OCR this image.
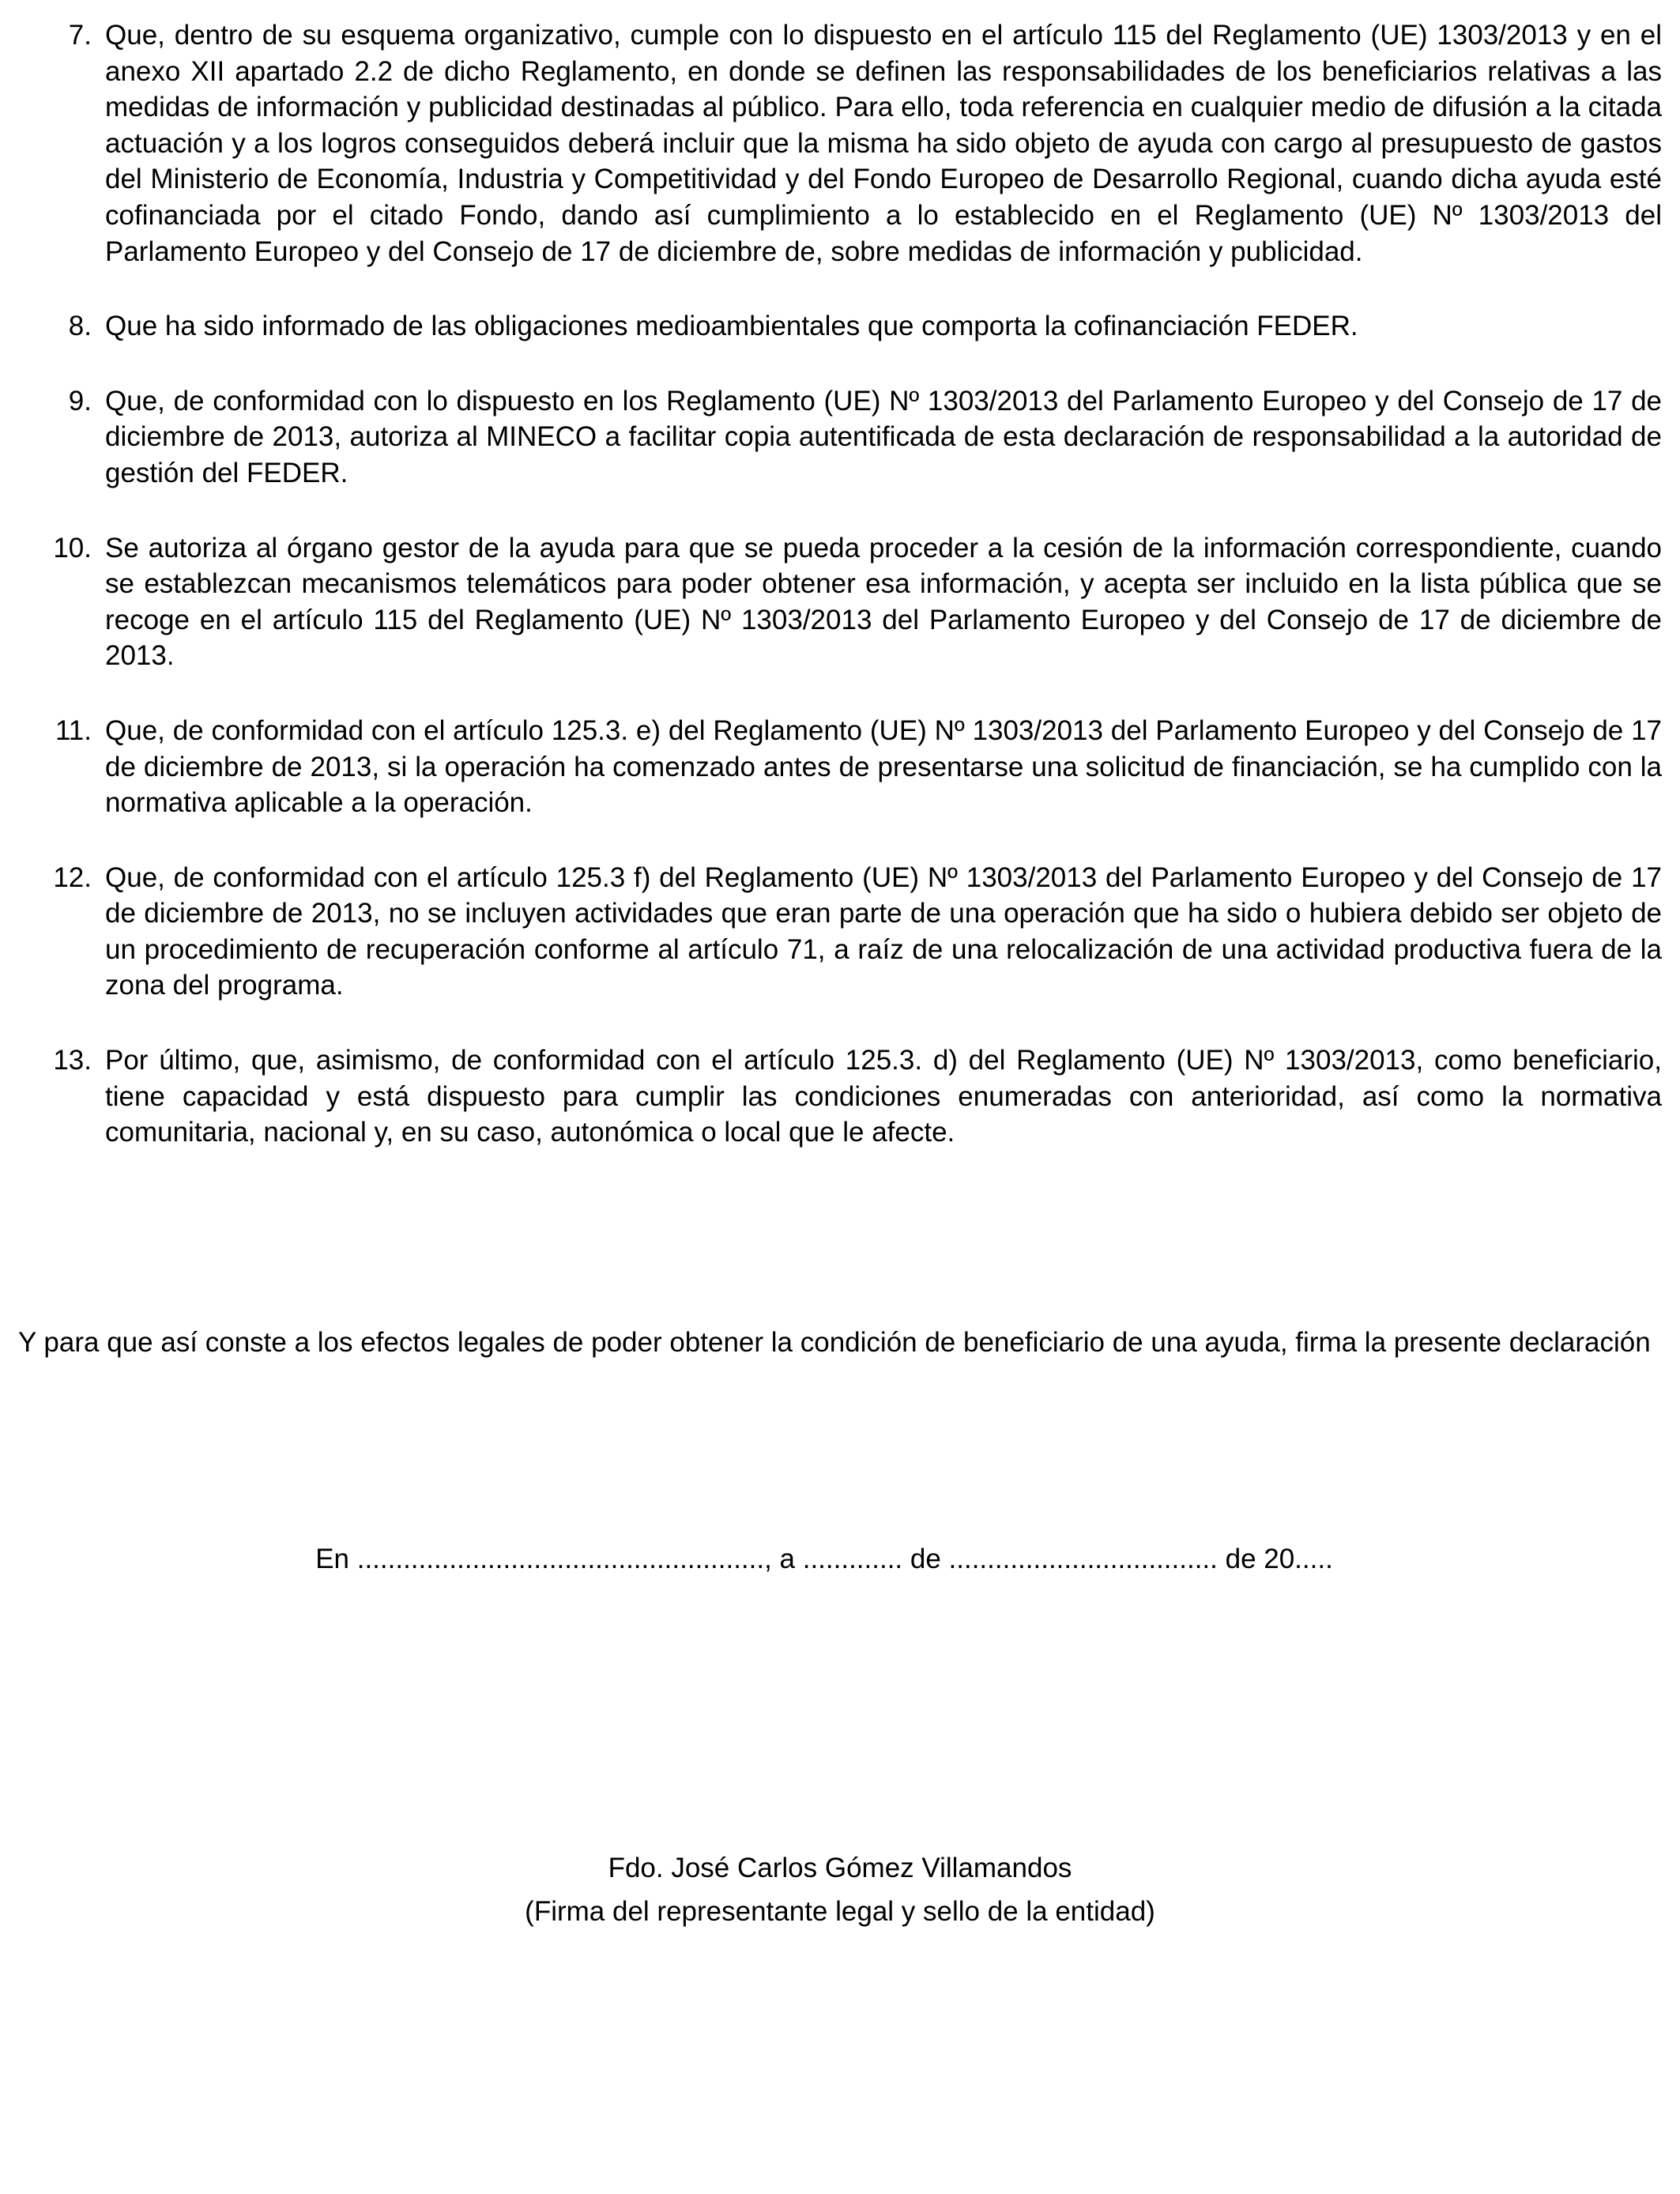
7. Que, dentro de su esquema organizativo, cumple con lo dispuesto en el artículo 115 del Reglamento (UE) 1303/2013 y en el anexo XII apartado 2.2 de dicho Reglamento, en donde se definen las responsabilidades de los beneficiarios relativas a las medidas de información y publicidad destinadas al público. Para ello, toda referencia en cualquier medio de difusión a la citada actuación y a los logros conseguidos deberá incluir que la misma ha sido objeto de ayuda con cargo al presupuesto de gastos del Ministerio de Economía, Industria y Competitividad y del Fondo Europeo de Desarrollo Regional, cuando dicha ayuda esté cofinanciada por el citado Fondo, dando así cumplimiento a lo establecido en el Reglamento (UE) Nº 1303/2013 del Parlamento Europeo y del Consejo de 17 de diciembre de, sobre medidas de información y publicidad.
8. Que ha sido informado de las obligaciones medioambientales que comporta la cofinanciación FEDER.
9. Que, de conformidad con lo dispuesto en los Reglamento (UE) Nº 1303/2013 del Parlamento Europeo y del Consejo de 17 de diciembre de 2013, autoriza al MINECO a facilitar copia autentificada de esta declaración de responsabilidad a la autoridad de gestión del FEDER.
10. Se autoriza al órgano gestor de la ayuda para que se pueda proceder a la cesión de la información correspondiente, cuando se establezcan mecanismos telemáticos para poder obtener esa información, y acepta ser incluido en la lista pública que se recoge en el artículo 115 del Reglamento (UE) Nº 1303/2013 del Parlamento Europeo y del Consejo de 17 de diciembre de 2013.
11. Que, de conformidad con el artículo 125.3. e) del Reglamento (UE) Nº 1303/2013 del Parlamento Europeo y del Consejo de 17 de diciembre de 2013, si la operación ha comenzado antes de presentarse una solicitud de financiación, se ha cumplido con la normativa aplicable a la operación.
12. Que, de conformidad con el artículo 125.3 f) del Reglamento (UE) Nº 1303/2013 del Parlamento Europeo y del Consejo de 17 de diciembre de 2013, no se incluyen actividades que eran parte de una operación que ha sido o hubiera debido ser objeto de un procedimiento de recuperación conforme al artículo 71, a raíz de una relocalización de una actividad productiva fuera de la zona del programa.
13. Por último, que, asimismo, de conformidad con el artículo 125.3. d) del Reglamento (UE) Nº 1303/2013, como beneficiario, tiene capacidad y está dispuesto para cumplir las condiciones enumeradas con anterioridad, así como la normativa comunitaria, nacional y, en su caso, autonómica o local que le afecte.
Y para que así conste a los efectos legales de poder obtener la condición de beneficiario de una ayuda, firma la presente declaración
En ....................................................., a ............. de ................................... de 20.....
Fdo. José Carlos Gómez Villamandos
(Firma del representante legal y sello de la entidad)
